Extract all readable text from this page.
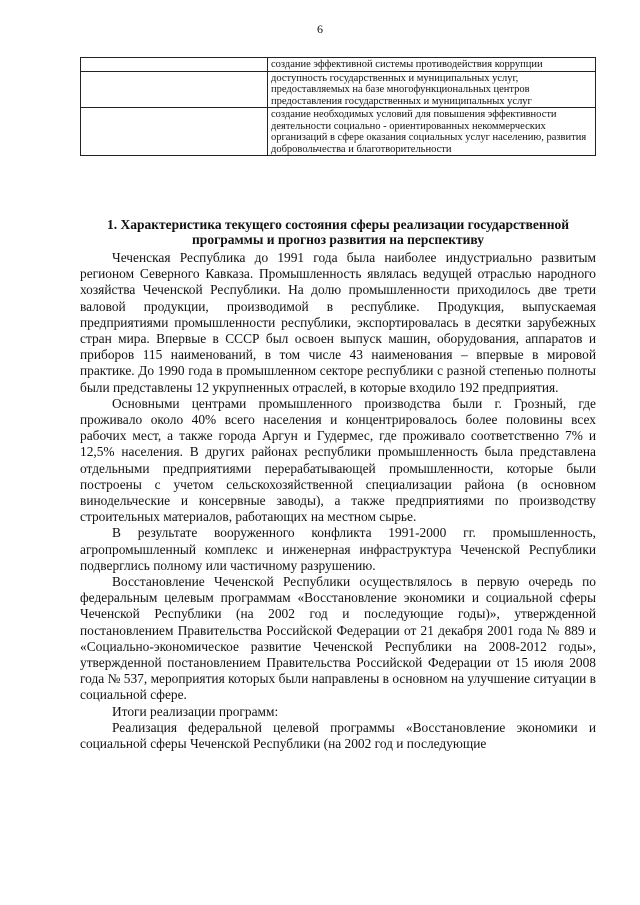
6
	создание эффективной системы противодействия коррупции
	доступность государственных и муниципальных услуг, предоставляемых на базе многофункциональных центров предоставления государственных и муниципальных услуг
	создание необходимых условий для повышения эффективности деятельности социально - ориентированных некоммерческих организаций в сфере оказания социальных услуг населению, развития добровольчества и благотворительности
1. Характеристика текущего состояния сферы реализации государственной программы и прогноз развития на перспективу

Чеченская Республика до 1991 года была наиболее индустриально развитым регионом Северного Кавказа. Промышленность являлась ведущей отраслью народного хозяйства Чеченской Республики. На долю промышленности приходилось две трети валовой продукции, производимой в республике. Продукция, выпускаемая предприятиями промышленности республики, экспортировалась в десятки зарубежных стран мира. Впервые в СССР был освоен выпуск машин, оборудования, аппаратов и приборов 115 наименований, в том числе 43 наименования – впервые в мировой практике. До 1990 года в промышленном секторе республики с разной степенью полноты были представлены 12 укрупненных отраслей, в которые входило 192 предприятия.

Основными центрами промышленного производства были г. Грозный, где проживало около 40% всего населения и концентрировалось более половины всех рабочих мест, а также города Аргун и Гудермес, где проживало соответственно 7% и 12,5% населения. В других районах республики промышленность была представлена отдельными предприятиями перерабатывающей промышленности, которые были построены с учетом сельскохозяйственной специализации района (в основном винодельческие и консервные заводы), а также предприятиями по производству строительных материалов, работающих на местном сырье.

В результате вооруженного конфликта 1991-2000 гг. промышленность, агропромышленный комплекс и инженерная инфраструктура Чеченской Республики подверглись полному или частичному разрушению.

Восстановление Чеченской Республики осуществлялось в первую очередь по федеральным целевым программам «Восстановление экономики и социальной сферы Чеченской Республики (на 2002 год и последующие годы)», утвержденной постановлением Правительства Российской Федерации от 21 декабря 2001 года № 889 и «Социально-экономическое развитие Чеченской Республики на 2008-2012 годы», утвержденной постановлением Правительства Российской Федерации от 15 июля 2008 года № 537, мероприятия которых были направлены в основном на улучшение ситуации в социальной сфере.

Итоги реализации программ:

Реализация федеральной целевой программы «Восстановление экономики и социальной сферы Чеченской Республики (на 2002 год и последующие
